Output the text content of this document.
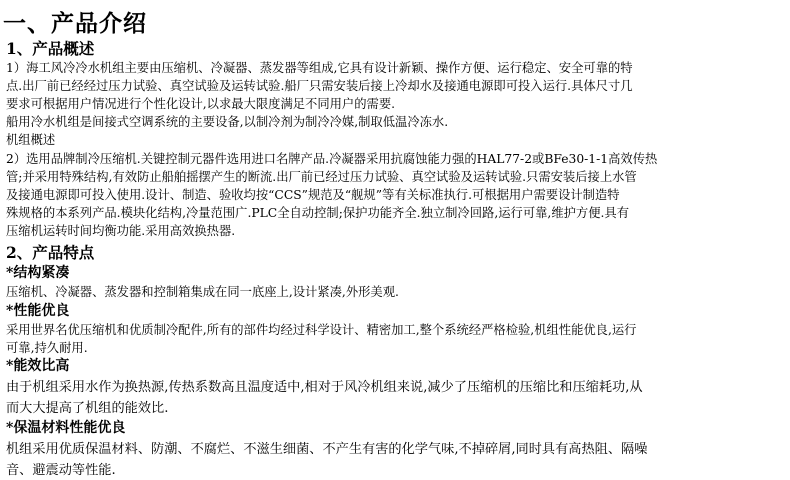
一、产品介绍
1、产品概述
1）海工风冷冷水机组主要由压缩机、冷凝器、蒸发器等组成,它具有设计新颖、操作方便、运行稳定、安全可靠的特
点.出厂前已经经过压力试验、真空试验及运转试验.船厂只需安装后接上冷却水及接通电源即可投入运行.具体尺寸几
要求可根据用户情况进行个性化设计,以求最大限度满足不同用户的需要.
船用冷水机组是间接式空调系统的主要设备,以制冷剂为制冷冷媒,制取低温冷冻水.
机组概述
2）选用品牌制冷压缩机.关键控制元器件选用进口名牌产品.冷凝器采用抗腐蚀能力强的HAL77-2或BFe30-1-1高效传热
管;并采用特殊结构,有效防止船舶摇摆产生的断流.出厂前已经过压力试验、真空试验及运转试验.只需安装后接上水管
及接通电源即可投入使用.设计、制造、验收均按“CCS”规范及“舰规”等有关标准执行.可根据用户需要设计制造特
殊规格的本系列产品.模块化结构,冷量范围广.PLC全自动控制;保护功能齐全.独立制冷回路,运行可靠,维护方便.具有
压缩机运转时间均衡功能.采用高效换热器.
2、产品特点
*结构紧凑
压缩机、冷凝器、蒸发器和控制箱集成在同一底座上,设计紧凑,外形美观.
*性能优良
采用世界名优压缩机和优质制冷配件,所有的部件均经过科学设计、精密加工,整个系统经严格检验,机组性能优良,运行
可靠,持久耐用.
*能效比高
由于机组采用水作为换热源,传热系数高且温度适中,相对于风冷机组来说,减少了压缩机的压缩比和压缩耗功,从
而大大提高了机组的能效比.
*保温材料性能优良
机组采用优质保温材料、防潮、不腐烂、不滋生细菌、不产生有害的化学气味,不掉碎屑,同时具有高热阻、隔噪
音、避震动等性能.
